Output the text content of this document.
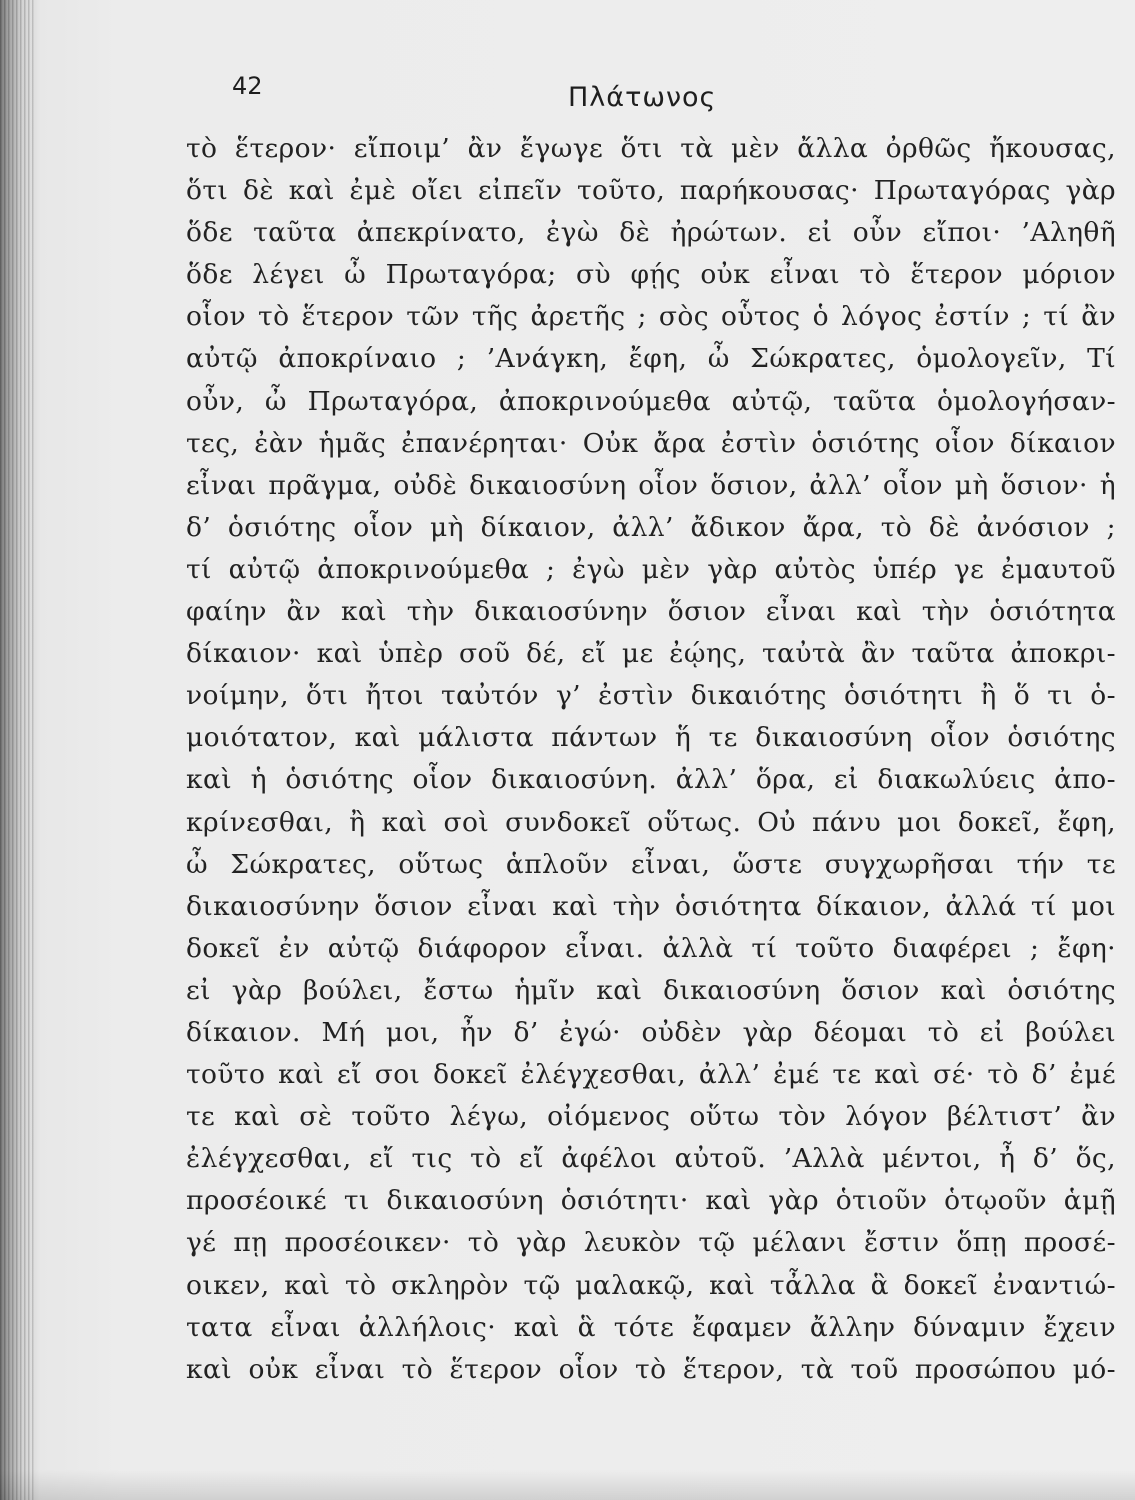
42	Πλάτωνος
τὸ ἕτερον· εἴποιμ’ ἂν ἔγωγε ὅτι τὰ μὲν ἄλλα ὀρθῶς ἤκουσας,
ὅτι δὲ καὶ ἐμὲ οἴει εἰπεῖν τοῦτο, παρήκουσας· Πρωταγόρας γὰρ
ὅδε ταῦτα ἀπεκρίνατο, ἐγὼ δὲ ἠρώτων. εἰ οὖν εἴποι· ’Αληθῆ
ὅδε λέγει ὦ Πρωταγόρα; σὺ φῄς οὐκ εἶναι τὸ ἕτερον μόριον
οἷον τὸ ἕτερον τῶν τῆς ἀρετῆς ; σὸς οὗτος ὁ λόγος ἐστίν ; τί ἂν
αὐτῷ ἀποκρίναιο ; ’Ανάγκη, ἔφη, ὦ Σώκρατες, ὁμολογεῖν, Τί
οὖν, ὦ Πρωταγόρα, ἀποκρινούμεθα αὐτῷ, ταῦτα ὁμολογήσαν-
τες, ἐὰν ἡμᾶς ἐπανέρηται· Οὐκ ἄρα ἐστὶν ὁσιότης οἷον δίκαιον
εἶναι πρᾶγμα, οὐδὲ δικαιοσύνη οἷον ὅσιον, ἀλλ’ οἷον μὴ ὅσιον· ἡ
δ’ ὁσιότης οἷον μὴ δίκαιον, ἀλλ’ ἄδικον ἄρα, τὸ δὲ ἀνόσιον ;
τί αὐτῷ ἀποκρινούμεθα ; ἐγὼ μὲν γὰρ αὐτὸς ὑπέρ γε ἐμαυτοῦ
φαίην ἂν καὶ τὴν δικαιοσύνην ὅσιον εἶναι καὶ τὴν ὁσιότητα
δίκαιον· καὶ ὑπὲρ σοῦ δέ, εἴ με ἐῴης, ταὐτὰ ἂν ταῦτα ἀποκρι-
νοίμην, ὅτι ἤτοι ταὐτόν γ’ ἐστὶν δικαιότης ὁσιότητι ἢ ὅ τι ὁ-
μοιότατον, καὶ μάλιστα πάντων ἥ τε δικαιοσύνη οἷον ὁσιότης
καὶ ἡ ὁσιότης οἷον δικαιοσύνη. ἀλλ’ ὅρα, εἰ διακωλύεις ἀπο-
κρίνεσθαι, ἢ καὶ σοὶ συνδοκεῖ οὕτως. Οὐ πάνυ μοι δοκεῖ, ἔφη,
ὦ Σώκρατες, οὕτως ἁπλοῦν εἶναι, ὥστε συγχωρῆσαι τήν τε
δικαιοσύνην ὅσιον εἶναι καὶ τὴν ὁσιότητα δίκαιον, ἀλλά τί μοι
δοκεῖ ἐν αὐτῷ διάφορον εἶναι. ἀλλὰ τί τοῦτο διαφέρει ; ἔφη·
εἰ γὰρ βούλει, ἔστω ἡμῖν καὶ δικαιοσύνη ὅσιον καὶ ὁσιότης
δίκαιον. Μή μοι, ἦν δ’ ἐγώ· οὐδὲν γὰρ δέομαι τὸ εἰ βούλει
τοῦτο καὶ εἴ σοι δοκεῖ ἐλέγχεσθαι, ἀλλ’ ἐμέ τε καὶ σέ· τὸ δ’ ἐμέ
τε καὶ σὲ τοῦτο λέγω, οἰόμενος οὕτω τὸν λόγον βέλτιστ’ ἂν
ἐλέγχεσθαι, εἴ τις τὸ εἴ ἀφέλοι αὐτοῦ. ’Αλλὰ μέντοι, ἦ δ’ ὅς,
προσέοικέ τι δικαιοσύνη ὁσιότητι· καὶ γὰρ ὁτιοῦν ὁτῳοῦν ἁμῇ
γέ πῃ προσέοικεν· τὸ γὰρ λευκὸν τῷ μέλανι ἔστιν ὅπῃ προσέ-
οικεν, καὶ τὸ σκληρὸν τῷ μαλακῷ, καὶ τἆλλα ἃ δοκεῖ ἐναντιώ-
τατα εἶναι ἀλλήλοις· καὶ ἃ τότε ἔφαμεν ἄλλην δύναμιν ἔχειν
καὶ οὐκ εἶναι τὸ ἕτερον οἷον τὸ ἕτερον, τὰ τοῦ προσώπου μό-
